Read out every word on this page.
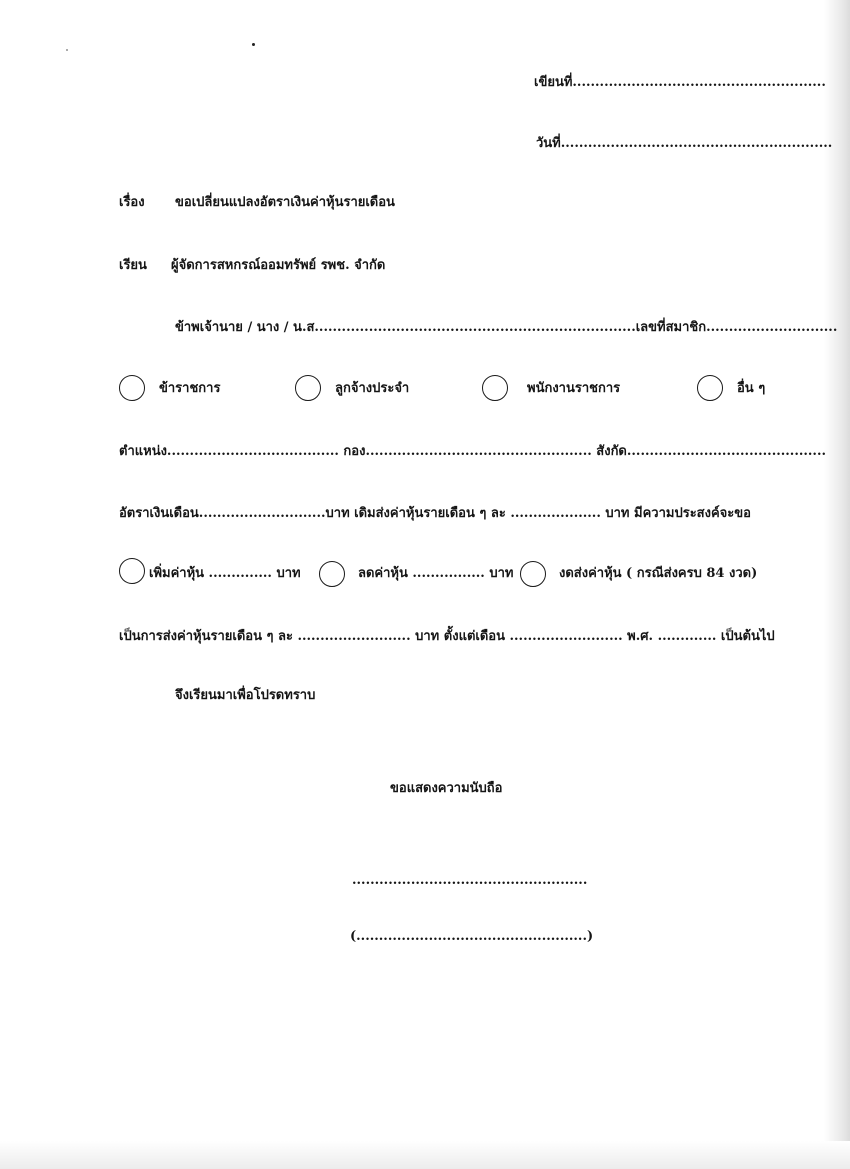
เขียนที่........................................................
วันที่............................................................
เรื่อง ขอเปลี่ยนแปลงอัตราเงินค่าหุ้นรายเดือน
เรียน ผู้จัดการสหกรณ์ออมทรัพย์ รพช. จำกัด
ข้าพเจ้านาย / นาง / น.ส.......................................................................เลขที่สมาชิก.............................
ข้าราชการ	ลูกจ้างประจำ	พนักงานราชการ	อื่น ๆ
ตำแหน่ง...................................... กอง.................................................. สังกัด............................................
อัตราเงินเดือน............................บาท เดิมส่งค่าหุ้นรายเดือน ๆ ละ .................... บาท มีความประสงค์จะขอ
เพิ่มค่าหุ้น .............. บาท	ลดค่าหุ้น ................ บาท	งดส่งค่าหุ้น ( กรณีส่งครบ 84 งวด)
เป็นการส่งค่าหุ้นรายเดือน ๆ ละ ......................... บาท ตั้งแต่เดือน ......................... พ.ศ. ............. เป็นต้นไป
จึงเรียนมาเพื่อโปรดทราบ
ขอแสดงความนับถือ
....................................................
(...................................................)
